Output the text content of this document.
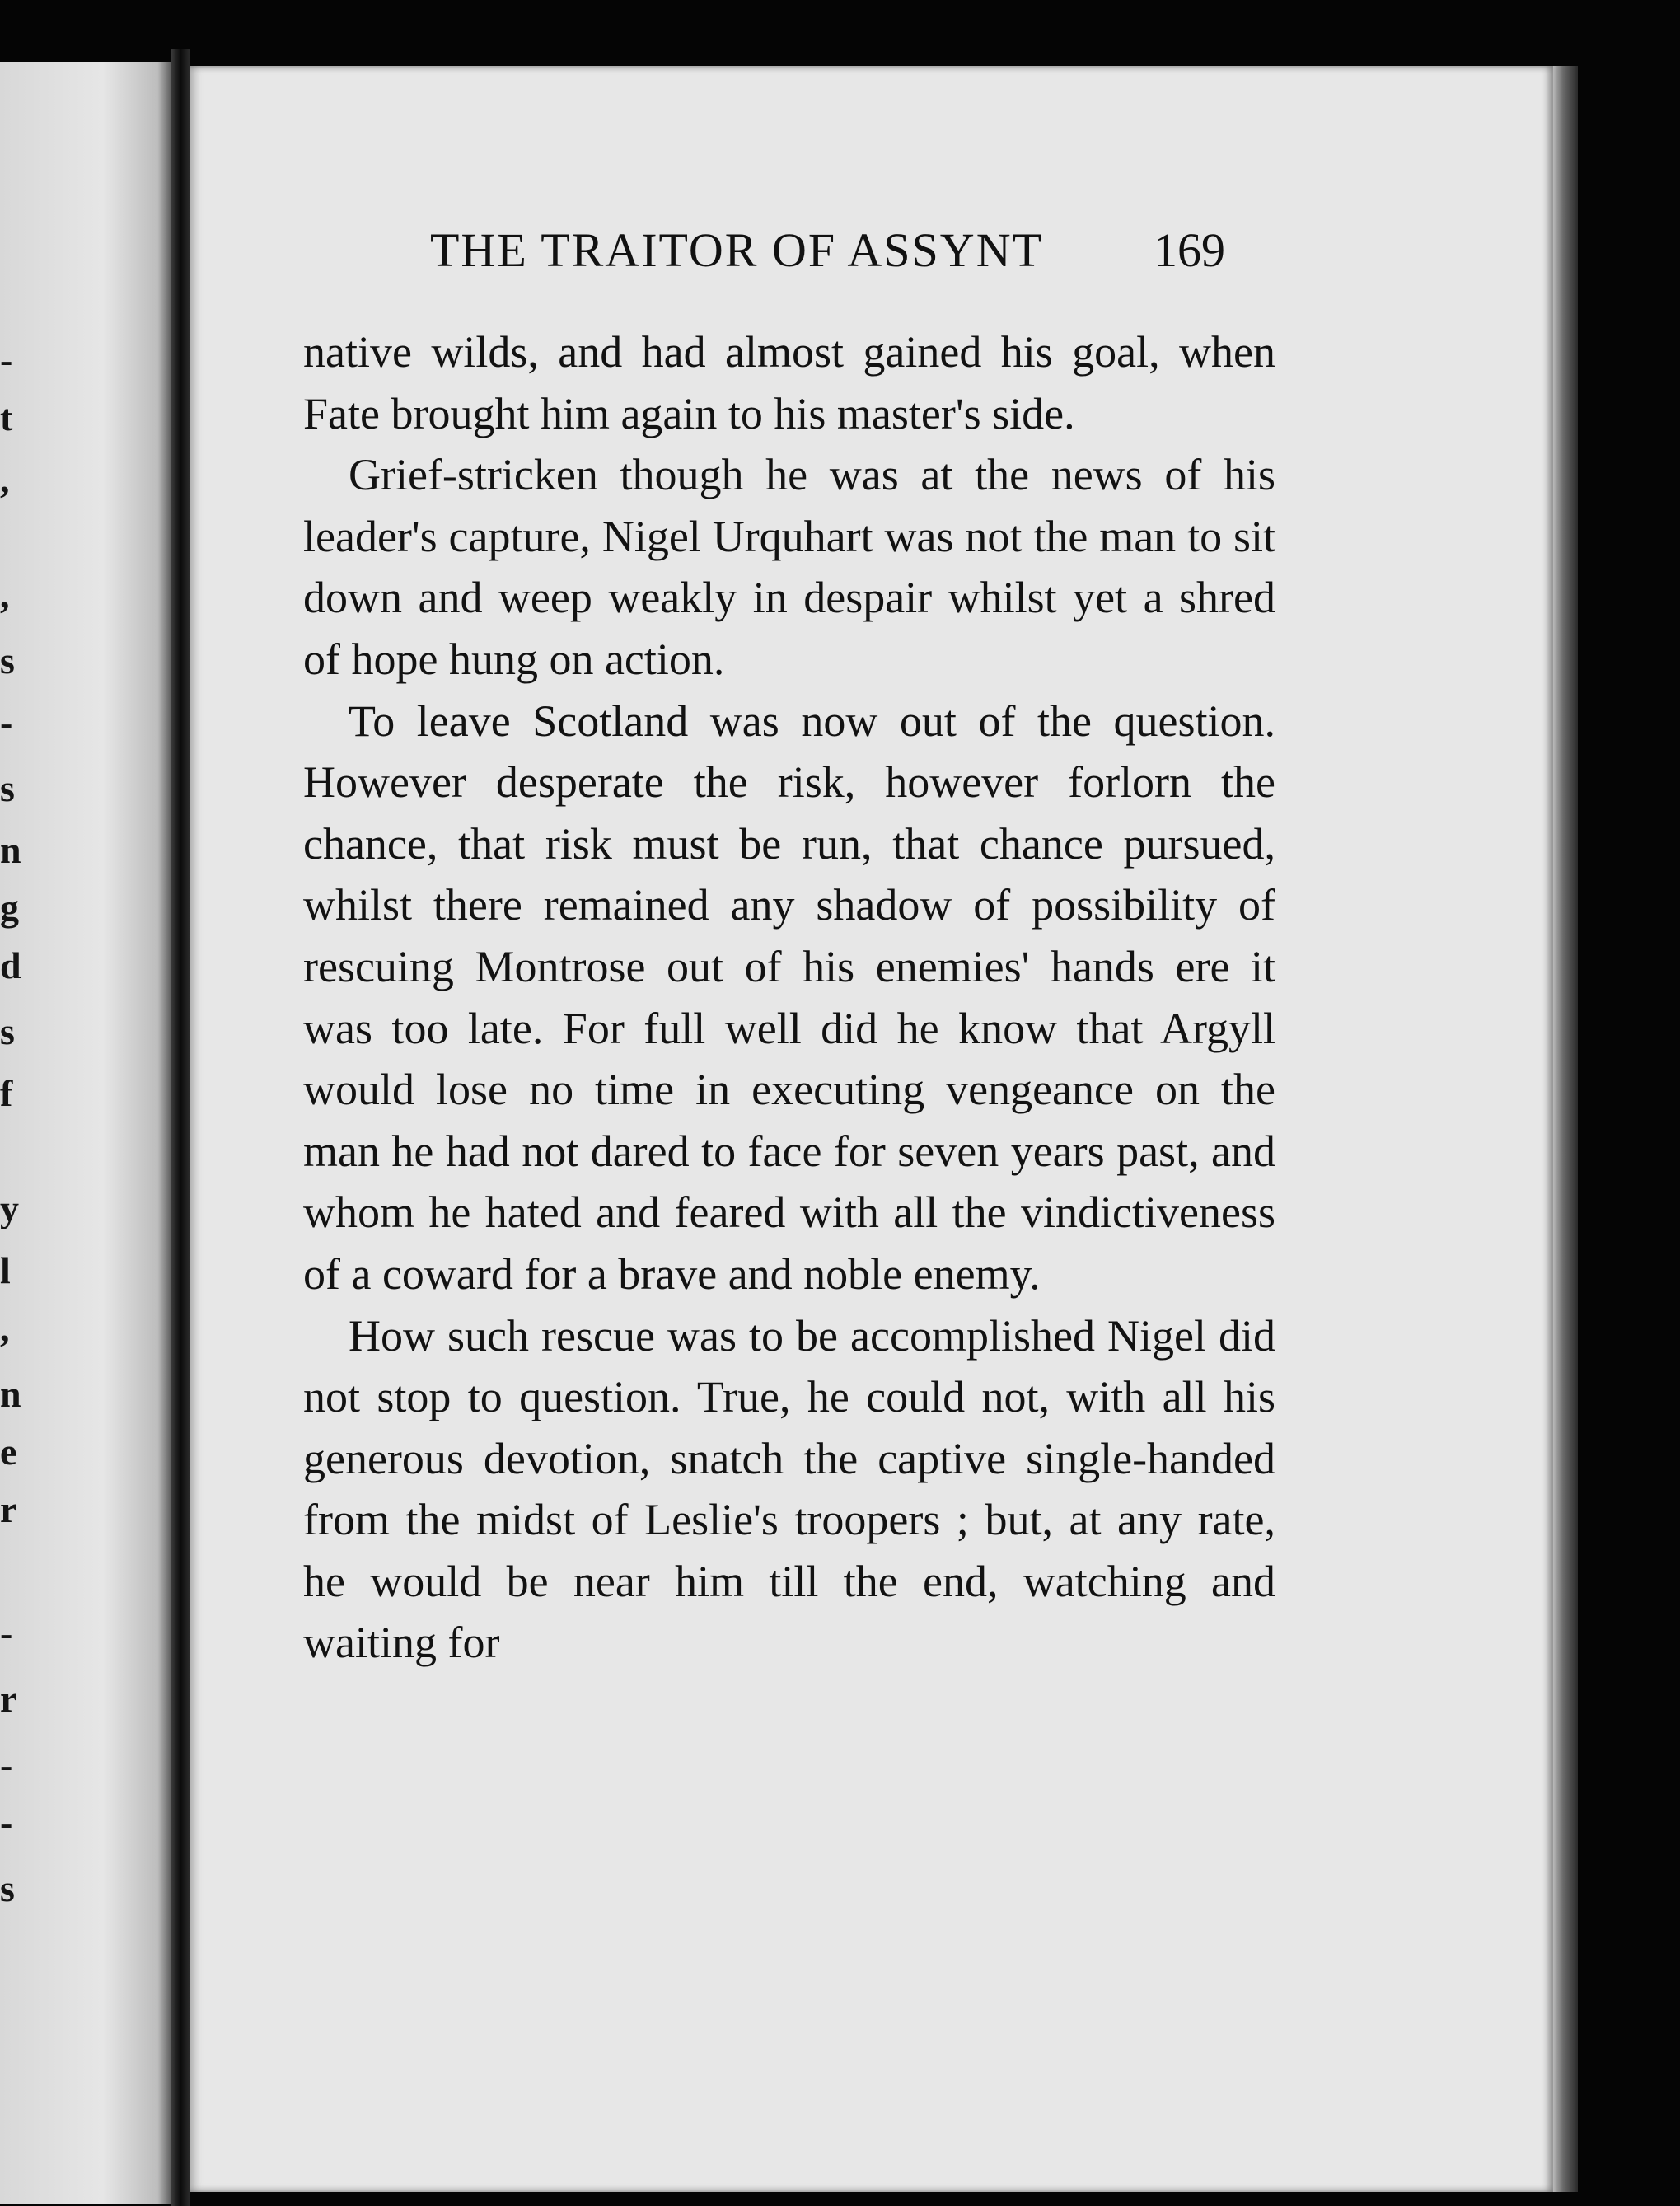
-
t
,
,
s
-
s
n
g
d
s
f
y
l
,
n
e
r
-
r
-
-
s
THE TRAITOR OF ASSYNT 169

native wilds, and had almost gained his goal, when Fate brought him again to his master's side.

Grief-stricken though he was at the news of his leader's capture, Nigel Urquhart was not the man to sit down and weep weakly in despair whilst yet a shred of hope hung on action.

To leave Scotland was now out of the question. However desperate the risk, however forlorn the chance, that risk must be run, that chance pursued, whilst there remained any shadow of possibility of rescuing Montrose out of his enemies' hands ere it was too late. For full well did he know that Argyll would lose no time in executing vengeance on the man he had not dared to face for seven years past, and whom he hated and feared with all the vindictiveness of a coward for a brave and noble enemy.

How such rescue was to be accomplished Nigel did not stop to question. True, he could not, with all his generous devotion, snatch the captive single-handed from the midst of Leslie's troopers ; but, at any rate, he would be near him till the end, watching and waiting for
